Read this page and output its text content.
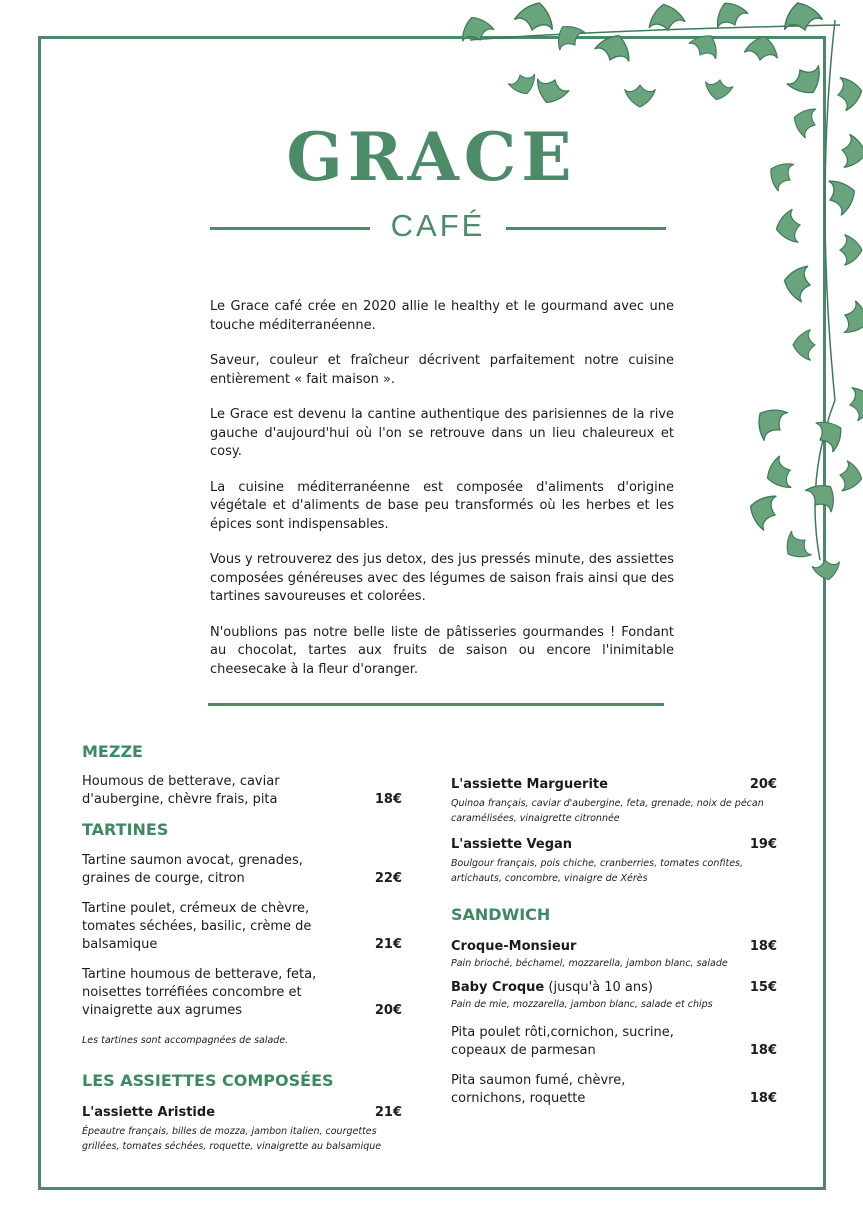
GRACE
CAFÉ

Le Grace café crée en 2020 allie le healthy et le gourmand avec une touche méditerranéenne.

Saveur, couleur et fraîcheur décrivent parfaitement notre cuisine entièrement « fait maison ».

Le Grace est devenu la cantine authentique des parisiennes de la rive gauche d'aujourd'hui où l'on se retrouve dans un lieu chaleureux et cosy.

La cuisine méditerranéenne est composée d'aliments d'origine végétale et d'aliments de base peu transformés où les herbes et les épices sont indispensables.

Vous y retrouverez des jus detox, des jus pressés minute, des assiettes composées généreuses avec des légumes de saison frais ainsi que des tartines savoureuses et colorées.

N'oublions pas notre belle liste de pâtisseries gourmandes ! Fondant au chocolat, tartes aux fruits de saison ou encore l'inimitable cheesecake à la fleur d'oranger.

MEZZE
Houmous de betterave, caviar d'aubergine, chèvre frais, pita	18€
TARTINES
Tartine saumon avocat, grenades, graines de courge, citron	22€
Tartine poulet, crémeux de chèvre, tomates séchées, basilic, crème de balsamique	21€
Tartine houmous de betterave, feta, noisettes torréfiées concombre et vinaigrette aux agrumes	20€
Les tartines sont accompagnées de salade.
LES ASSIETTES COMPOSÉES
L'assiette Aristide	21€
Épeautre français, billes de mozza, jambon italien, courgettes grillées, tomates séchées, roquette, vinaigrette au balsamique
L'assiette Marguerite	20€
Quinoa français, caviar d'aubergine, feta, grenade, noix de pécan caramélisées, vinaigrette citronnée
L'assiette Vegan	19€
Boulgour français, pois chiche, cranberries, tomates confites, artichauts, concombre, vinaigre de Xérès
SANDWICH
Croque-Monsieur	18€
Pain brioché, béchamel, mozzarella, jambon blanc, salade
Baby Croque (jusqu'à 10 ans)	15€
Pain de mie, mozzarella, jambon blanc, salade et chips
Pita poulet rôti,cornichon, sucrine, copeaux de parmesan	18€
Pita saumon fumé, chèvre, cornichons, roquette	18€
